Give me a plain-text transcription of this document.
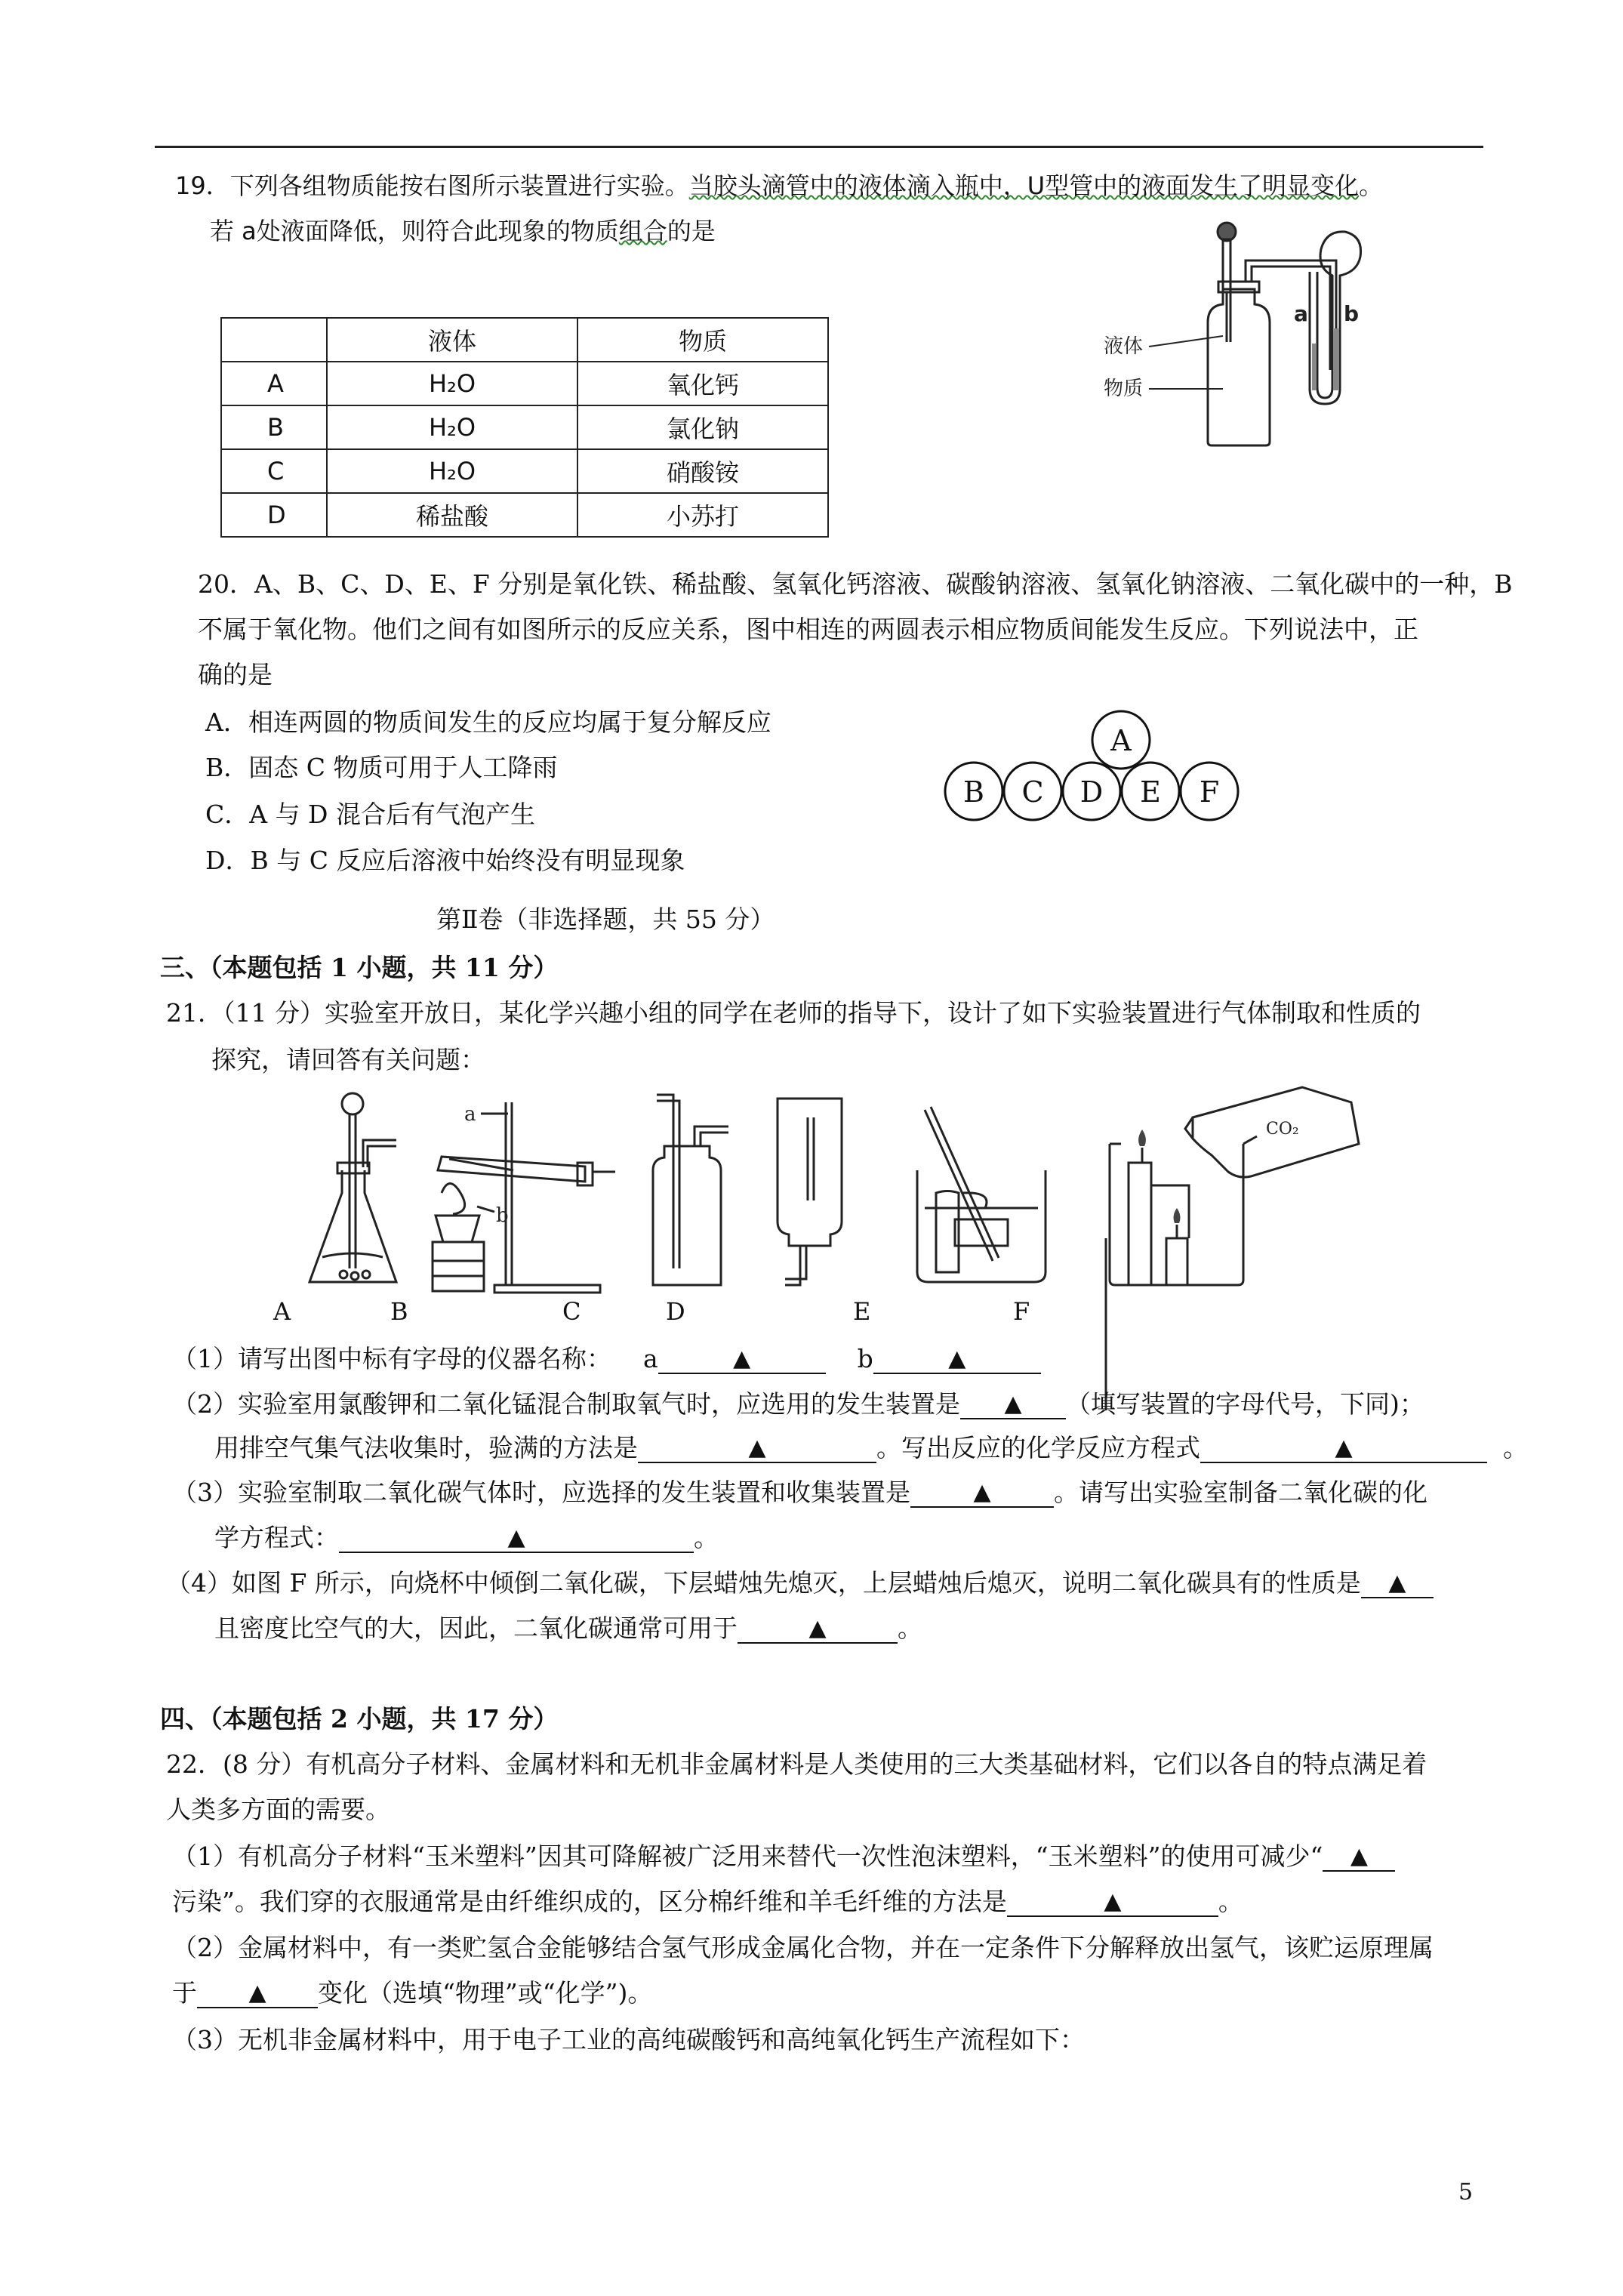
19．下列各组物质能按右图所示装置进行实验。当胶头滴管中的液体滴入瓶中，U型管中的液面发生了明显变化。
若 a处液面降低，则符合此现象的物质组合的是
	液体	物质
A	H₂O	氧化钙
B	H₂O	氯化钠
C	H₂O	硝酸铵
D	稀盐酸	小苏打
a b
液体
物质
20．A、B、C、D、E、F 分别是氧化铁、稀盐酸、氢氧化钙溶液、碳酸钠溶液、氢氧化钠溶液、二氧化碳中的一种，B
不属于氧化物。他们之间有如图所示的反应关系，图中相连的两圆表示相应物质间能发生反应。下列说法中，正
确的是
A．相连两圆的物质间发生的反应均属于复分解反应
B．固态 C 物质可用于人工降雨
C．A 与 D 混合后有气泡产生
D．B 与 C 反应后溶液中始终没有明显现象
A
B C D E F
第Ⅱ卷（非选择题，共 55 分）
三、（本题包括 1 小题，共 11 分）
21．（11 分）实验室开放日，某化学兴趣小组的同学在老师的指导下，设计了如下实验装置进行气体制取和性质的
探究，请回答有关问题：
a
b
CO₂
A	B	C	D	E	F
（1）请写出图中标有字母的仪器名称： a	▲	b	▲
（2）实验室用氯酸钾和二氧化锰混合制取氧气时，应选用的发生装置是 ▲ （填写装置的字母代号，下同)；
用排空气集气法收集时，验满的方法是	▲	。写出反应的化学反应方程式	▲	。
（3）实验室制取二氧化碳气体时，应选择的发生装置和收集装置是	▲	。请写出实验室制备二氧化碳的化
学方程式：	▲	。
（4）如图 F 所示，向烧杯中倾倒二氧化碳，下层蜡烛先熄灭，上层蜡烛后熄灭，说明二氧化碳具有的性质是 ▲
且密度比空气的大，因此，二氧化碳通常可用于	▲	。
四、（本题包括 2 小题，共 17 分）
22．(8 分）有机高分子材料、金属材料和无机非金属材料是人类使用的三大类基础材料，它们以各自的特点满足着
人类多方面的需要。
（1）有机高分子材料“玉米塑料”因其可降解被广泛用来替代一次性泡沫塑料，“玉米塑料”的使用可减少“ ▲
污染”。我们穿的衣服通常是由纤维织成的，区分棉纤维和羊毛纤维的方法是	▲	。
（2）金属材料中，有一类贮氢合金能够结合氢气形成金属化合物，并在一定条件下分解释放出氢气，该贮运原理属
于 ▲ 变化（选填“物理”或“化学”)。
（3）无机非金属材料中，用于电子工业的高纯碳酸钙和高纯氧化钙生产流程如下：
5
